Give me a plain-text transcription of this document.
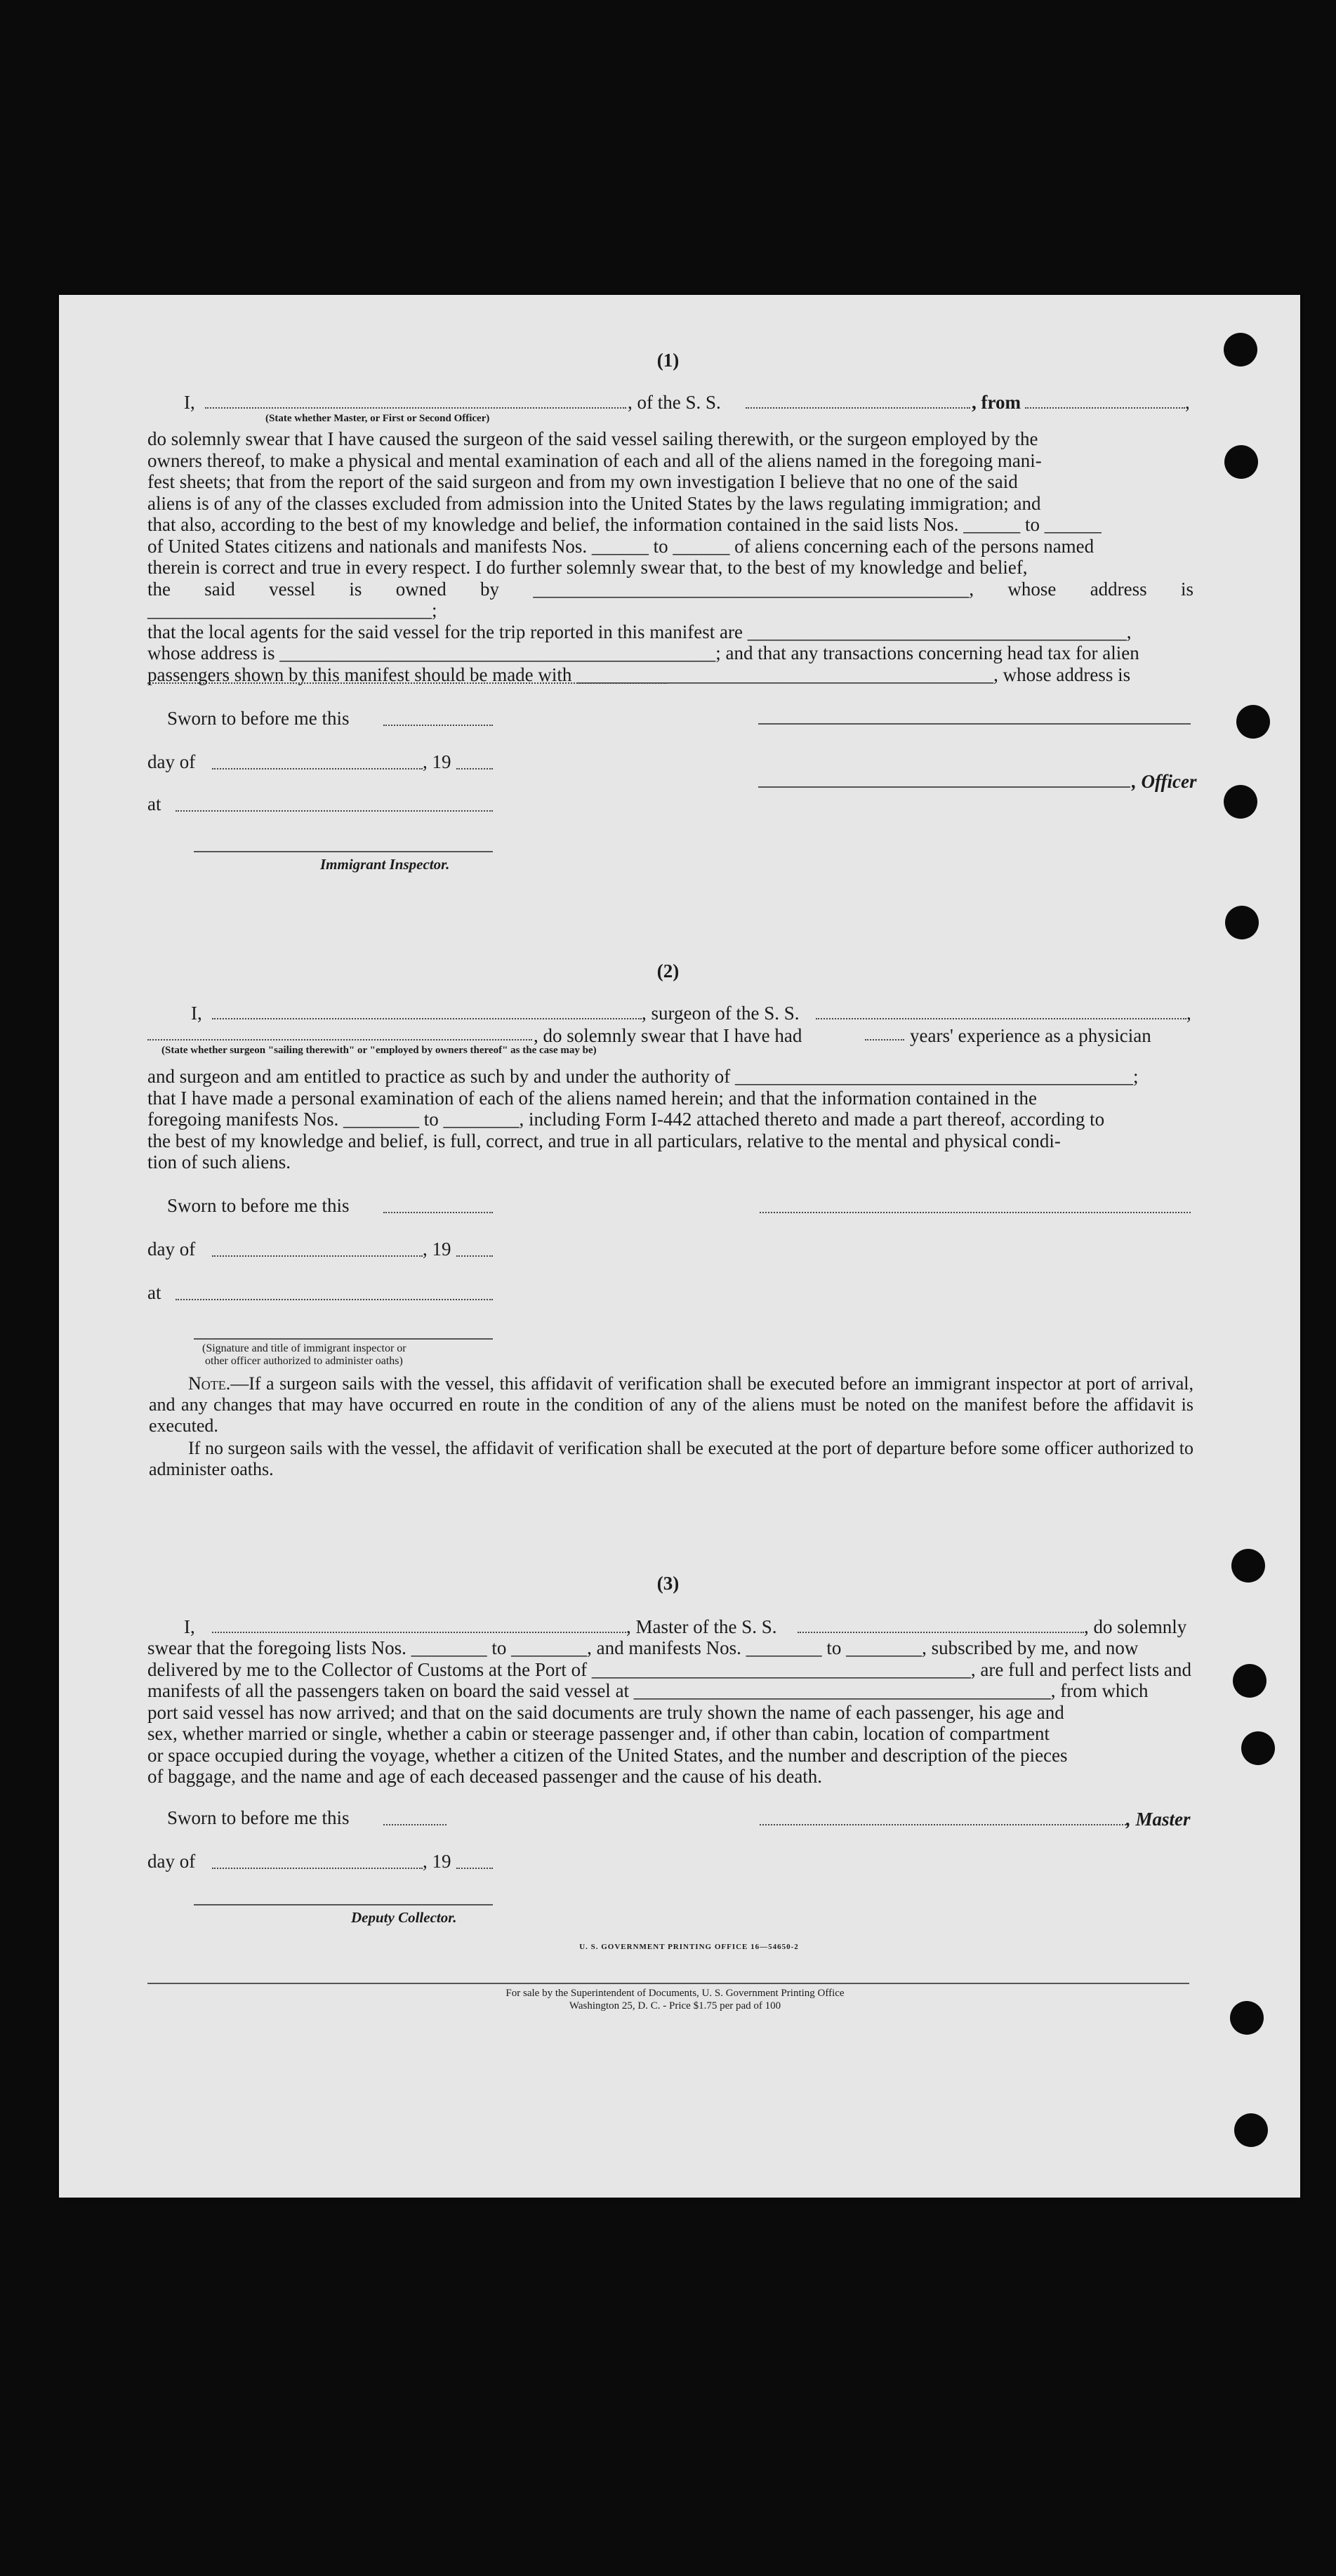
(1)
I,	, of the S. S.	, from	,
(State whether Master, or First or Second Officer)
do solemnly swear that I have caused the surgeon of the said vessel sailing therewith, or the surgeon employed by the
owners thereof, to make a physical and mental examination of each and all of the aliens named in the foregoing mani-
fest sheets; that from the report of the said surgeon and from my own investigation I believe that no one of the said
aliens is of any of the classes excluded from admission into the United States by the laws regulating immigration; and
that also, according to the best of my knowledge and belief, the information contained in the said lists Nos. ______ to ______
of United States citizens and nationals and manifests Nos. ______ to ______ of aliens concerning each of the persons named
therein is correct and true in every respect. I do further solemnly swear that, to the best of my knowledge and belief,
the said vessel is owned by ______________________________________________, whose address is ______________________________;
that the local agents for the said vessel for the trip reported in this manifest are ________________________________________,
whose address is ______________________________________________; and that any transactions concerning head tax for alien
passengers shown by this manifest should be made with ____________________________________________, whose address is
Sworn to before me this
day of	, 19
, Officer
at
Immigrant Inspector.
(2)
I,	, surgeon of the S. S.	,
, do solemnly swear that I have had	years' experience as a physician
(State whether surgeon "sailing therewith" or "employed by owners thereof" as the case may be)
and surgeon and am entitled to practice as such by and under the authority of __________________________________________;
that I have made a personal examination of each of the aliens named herein; and that the information contained in the
foregoing manifests Nos. ________ to ________, including Form I-442 attached thereto and made a part thereof, according to
the best of my knowledge and belief, is full, correct, and true in all particulars, relative to the mental and physical condi-
tion of such aliens.
Sworn to before me this
day of	, 19
at
(Signature and title of immigrant inspector or
other officer authorized to administer oaths)
Note.—If a surgeon sails with the vessel, this affidavit of verification shall be executed before an immigrant inspector at port of arrival, and any changes that may have occurred en route in the condition of any of the aliens must be noted on the manifest before the affidavit is executed.
If no surgeon sails with the vessel, the affidavit of verification shall be executed at the port of departure before some officer authorized to administer oaths.
(3)
I,	, Master of the S. S.	, do solemnly
swear that the foregoing lists Nos. ________ to ________, and manifests Nos. ________ to ________, subscribed by me, and now
delivered by me to the Collector of Customs at the Port of ________________________________________, are full and perfect lists and
manifests of all the passengers taken on board the said vessel at ____________________________________________, from which
port said vessel has now arrived; and that on the said documents are truly shown the name of each passenger, his age and
sex, whether married or single, whether a cabin or steerage passenger and, if other than cabin, location of compartment
or space occupied during the voyage, whether a citizen of the United States, and the number and description of the pieces
of baggage, and the name and age of each deceased passenger and the cause of his death.
Sworn to before me this	, Master
day of	, 19
Deputy Collector.
U. S. GOVERNMENT PRINTING OFFICE 16—54650-2
For sale by the Superintendent of Documents, U. S. Government Printing Office
Washington 25, D. C. - Price $1.75 per pad of 100
